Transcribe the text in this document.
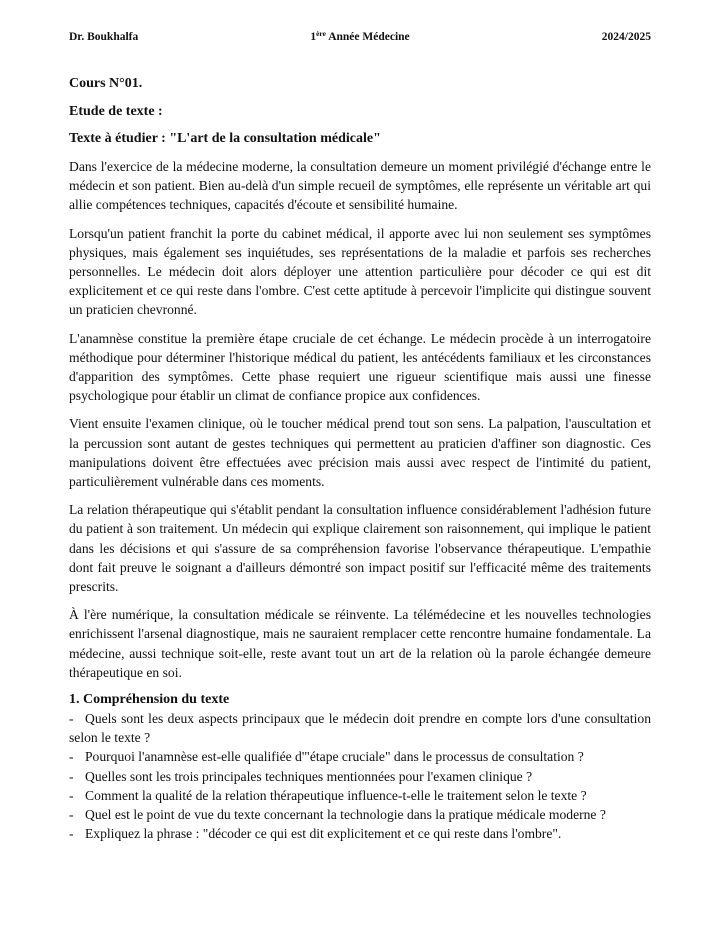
Dr. Boukhalfa	1ère Année Médecine	2024/2025
Cours N°01.
Etude de texte :
Texte à étudier : "L'art de la consultation médicale"

Dans l'exercice de la médecine moderne, la consultation demeure un moment privilégié d'échange entre le médecin et son patient. Bien au-delà d'un simple recueil de symptômes, elle représente un véritable art qui allie compétences techniques, capacités d'écoute et sensibilité humaine.

Lorsqu'un patient franchit la porte du cabinet médical, il apporte avec lui non seulement ses symptômes physiques, mais également ses inquiétudes, ses représentations de la maladie et parfois ses recherches personnelles. Le médecin doit alors déployer une attention particulière pour décoder ce qui est dit explicitement et ce qui reste dans l'ombre. C'est cette aptitude à percevoir l'implicite qui distingue souvent un praticien chevronné.

L'anamnèse constitue la première étape cruciale de cet échange. Le médecin procède à un interrogatoire méthodique pour déterminer l'historique médical du patient, les antécédents familiaux et les circonstances d'apparition des symptômes. Cette phase requiert une rigueur scientifique mais aussi une finesse psychologique pour établir un climat de confiance propice aux confidences.

Vient ensuite l'examen clinique, où le toucher médical prend tout son sens. La palpation, l'auscultation et la percussion sont autant de gestes techniques qui permettent au praticien d'affiner son diagnostic. Ces manipulations doivent être effectuées avec précision mais aussi avec respect de l'intimité du patient, particulièrement vulnérable dans ces moments.

La relation thérapeutique qui s'établit pendant la consultation influence considérablement l'adhésion future du patient à son traitement. Un médecin qui explique clairement son raisonnement, qui implique le patient dans les décisions et qui s'assure de sa compréhension favorise l'observance thérapeutique. L'empathie dont fait preuve le soignant a d'ailleurs démontré son impact positif sur l'efficacité même des traitements prescrits.

À l'ère numérique, la consultation médicale se réinvente. La télémédecine et les nouvelles technologies enrichissent l'arsenal diagnostique, mais ne sauraient remplacer cette rencontre humaine fondamentale. La médecine, aussi technique soit-elle, reste avant tout un art de la relation où la parole échangée demeure thérapeutique en soi.

1. Compréhension du texte
- Quels sont les deux aspects principaux que le médecin doit prendre en compte lors d'une consultation selon le texte ?
- Pourquoi l'anamnèse est-elle qualifiée d'"étape cruciale" dans le processus de consultation ?
- Quelles sont les trois principales techniques mentionnées pour l'examen clinique ?
- Comment la qualité de la relation thérapeutique influence-t-elle le traitement selon le texte ?
- Quel est le point de vue du texte concernant la technologie dans la pratique médicale moderne ?
- Expliquez la phrase : "décoder ce qui est dit explicitement et ce qui reste dans l'ombre".
